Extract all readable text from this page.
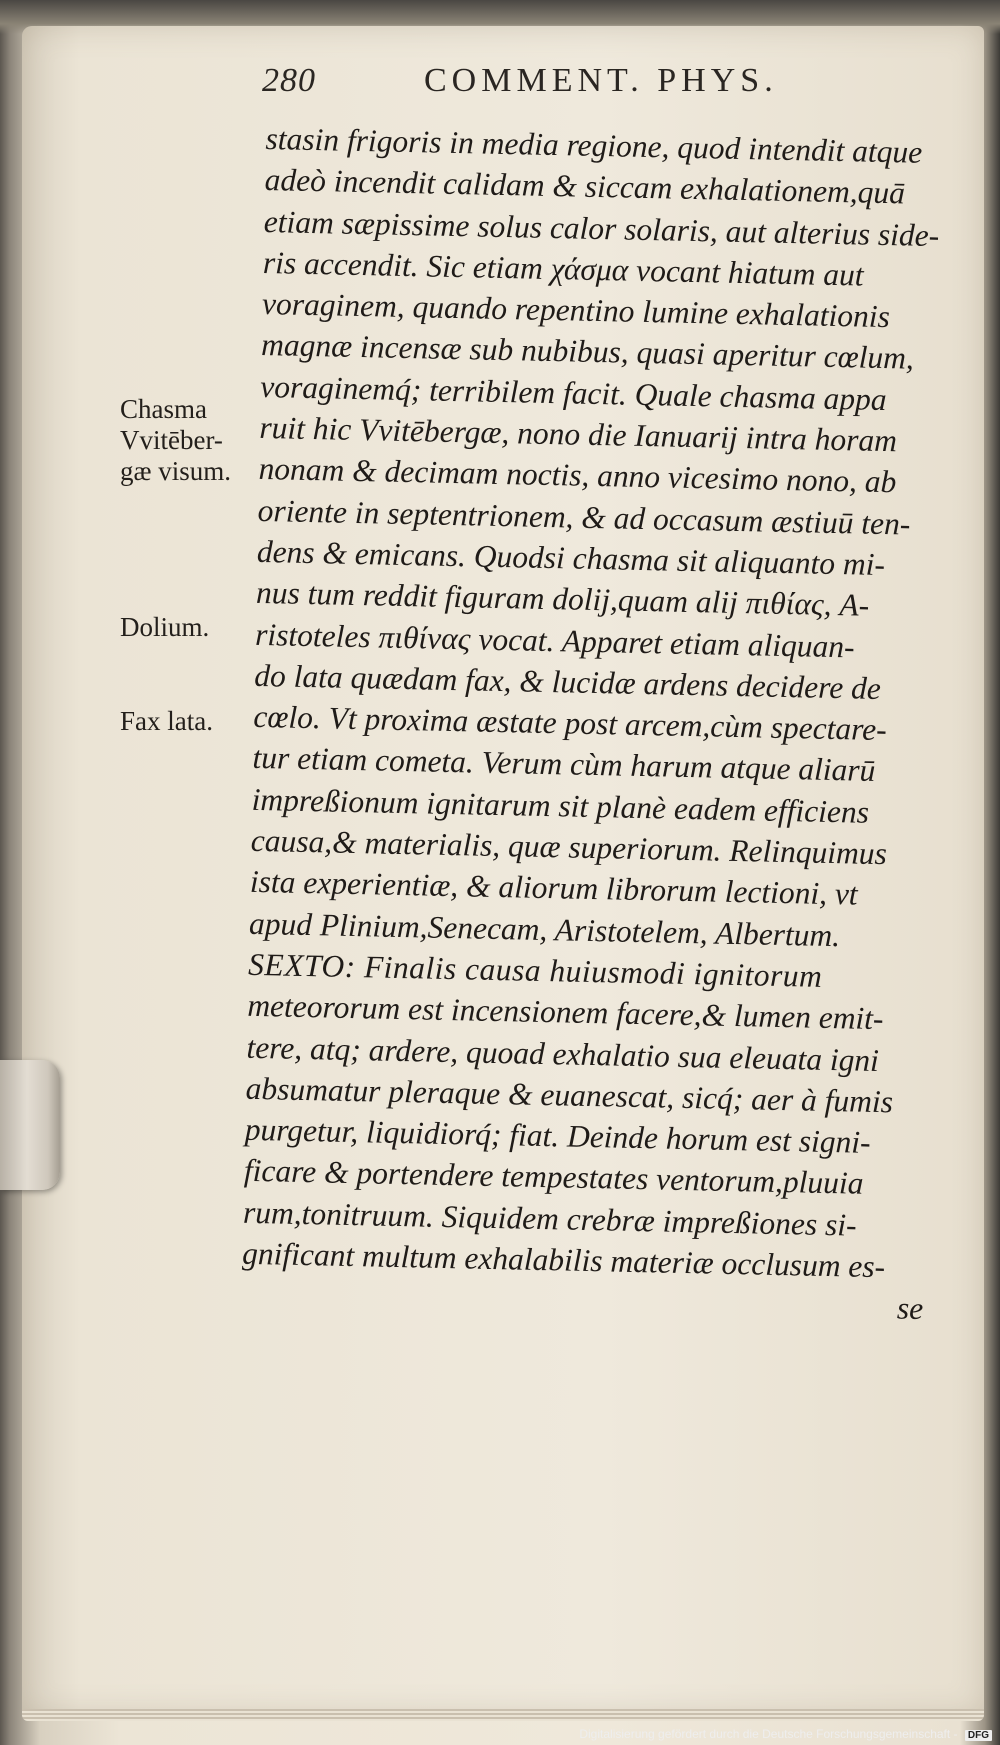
280	COMMENT. PHYS.
Chasma
Vvitēber-
gæ visum.
Dolium.
Fax lata.
stasin frigoris in media regione, quod intendit atque
adeò incendit calidam & siccam exhalationem,quā
etiam sæpissime solus calor solaris, aut alterius side-
ris accendit. Sic etiam χάσμα vocant hiatum aut
voraginem, quando repentino lumine exhalationis
magnæ incensæ sub nubibus, quasi aperitur cœlum,
voraginemq́; terribilem facit. Quale chasma appa
ruit hic Vvitēbergæ, nono die Ianuarij intra horam
nonam & decimam noctis, anno vicesimo nono, ab
oriente in septentrionem, & ad occasum æstiuū ten-
dens & emicans. Quodsi chasma sit aliquanto mi-
nus tum reddit figuram dolij,quam alij πιθίας, A-
ristoteles πιθίνας vocat. Apparet etiam aliquan-
do lata quædam fax, & lucidæ ardens decidere de
cœlo. Vt proxima æstate post arcem,cùm spectare-
tur etiam cometa. Verum cùm harum atque aliarū
impreßionum ignitarum sit planè eadem efficiens
causa,& materialis, quæ superiorum. Relinquimus
ista experientiæ, & aliorum librorum lectioni, vt
apud Plinium,Senecam, Aristotelem, Albertum.
SEXTO: Finalis causa huiusmodi ignitorum
meteororum est incensionem facere,& lumen emit-
tere, atq; ardere, quoad exhalatio sua eleuata igni
absumatur pleraque & euanescat, sicq́; aer à fumis
purgetur, liquidiorq́; fiat. Deinde horum est signi-
ficare & portendere tempestates ventorum,pluuia
rum,tonitruum. Siquidem crebræ impreßiones si-
gnificant multum exhalabilis materiæ occlusum es-
se
Digitalisierung gefördert durch die Deutsche Forschungsgemeinschaft - DFG
